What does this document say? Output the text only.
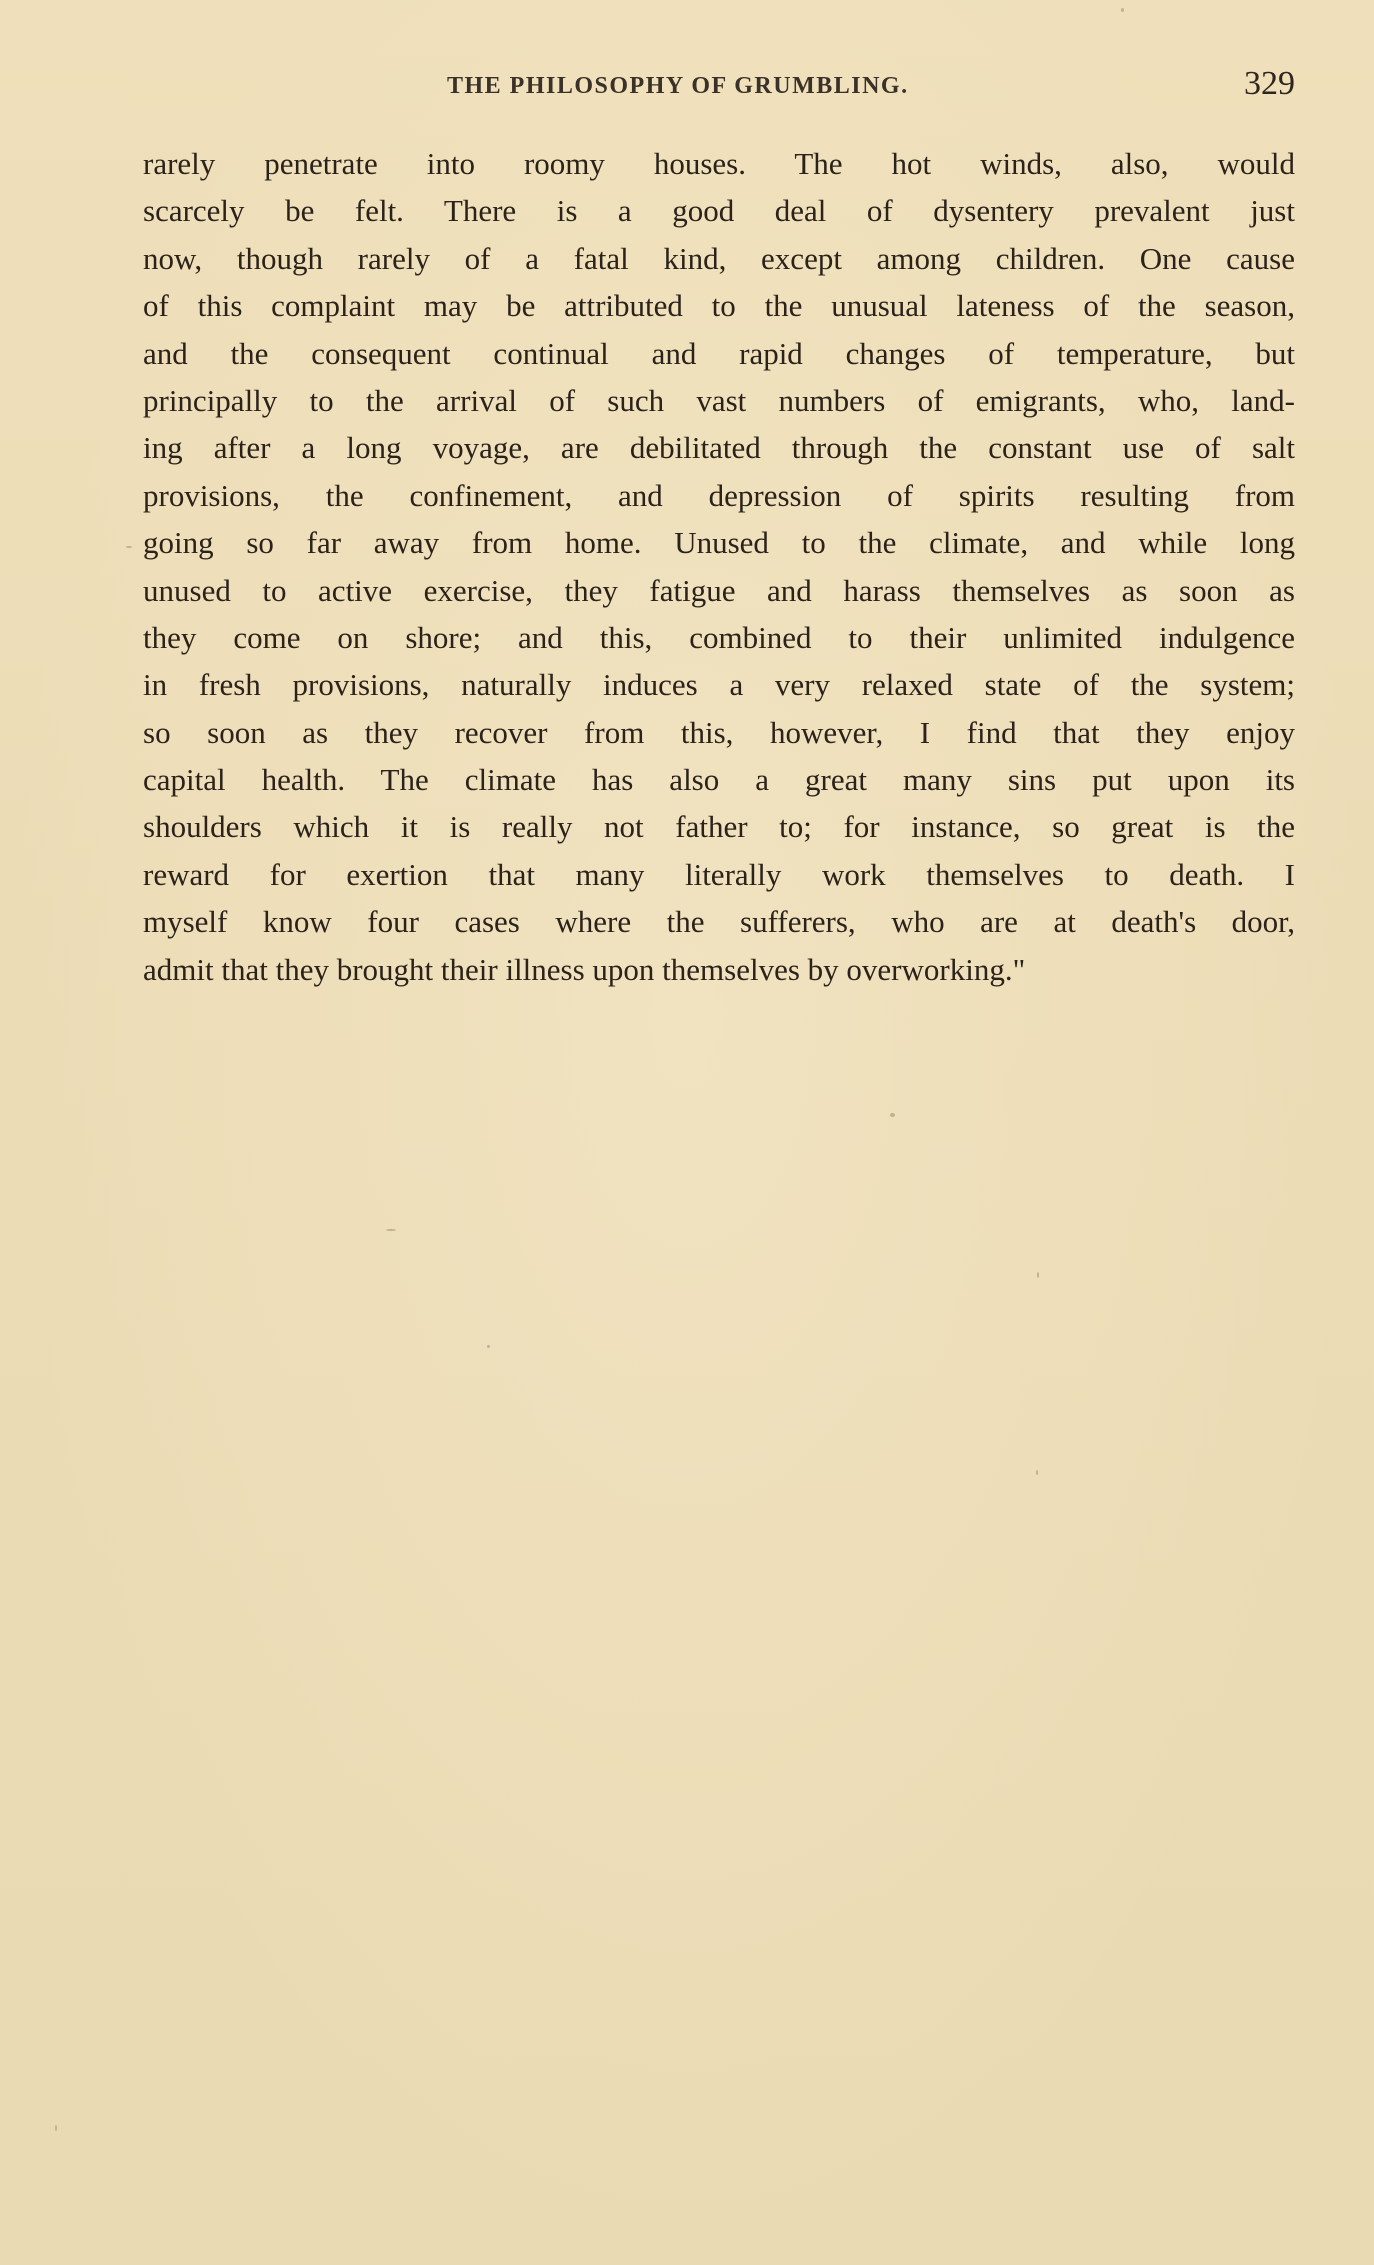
THE PHILOSOPHY OF GRUMBLING.	329
rarely penetrate into roomy houses. The hot winds, also, would
scarcely be felt. There is a good deal of dysentery prevalent just
now, though rarely of a fatal kind, except among children. One cause
of this complaint may be attributed to the unusual lateness of the season,
and the consequent continual and rapid changes of temperature, but
principally to the arrival of such vast numbers of emigrants, who, land-
ing after a long voyage, are debilitated through the constant use of salt
provisions, the confinement, and depression of spirits resulting from
going so far away from home. Unused to the climate, and while long
unused to active exercise, they fatigue and harass themselves as soon as
they come on shore; and this, combined to their unlimited indulgence
in fresh provisions, naturally induces a very relaxed state of the system;
so soon as they recover from this, however, I find that they enjoy
capital health. The climate has also a great many sins put upon its
shoulders which it is really not father to; for instance, so great is the
reward for exertion that many literally work themselves to death. I
myself know four cases where the sufferers, who are at death's door,
admit that they brought their illness upon themselves by overworking."
